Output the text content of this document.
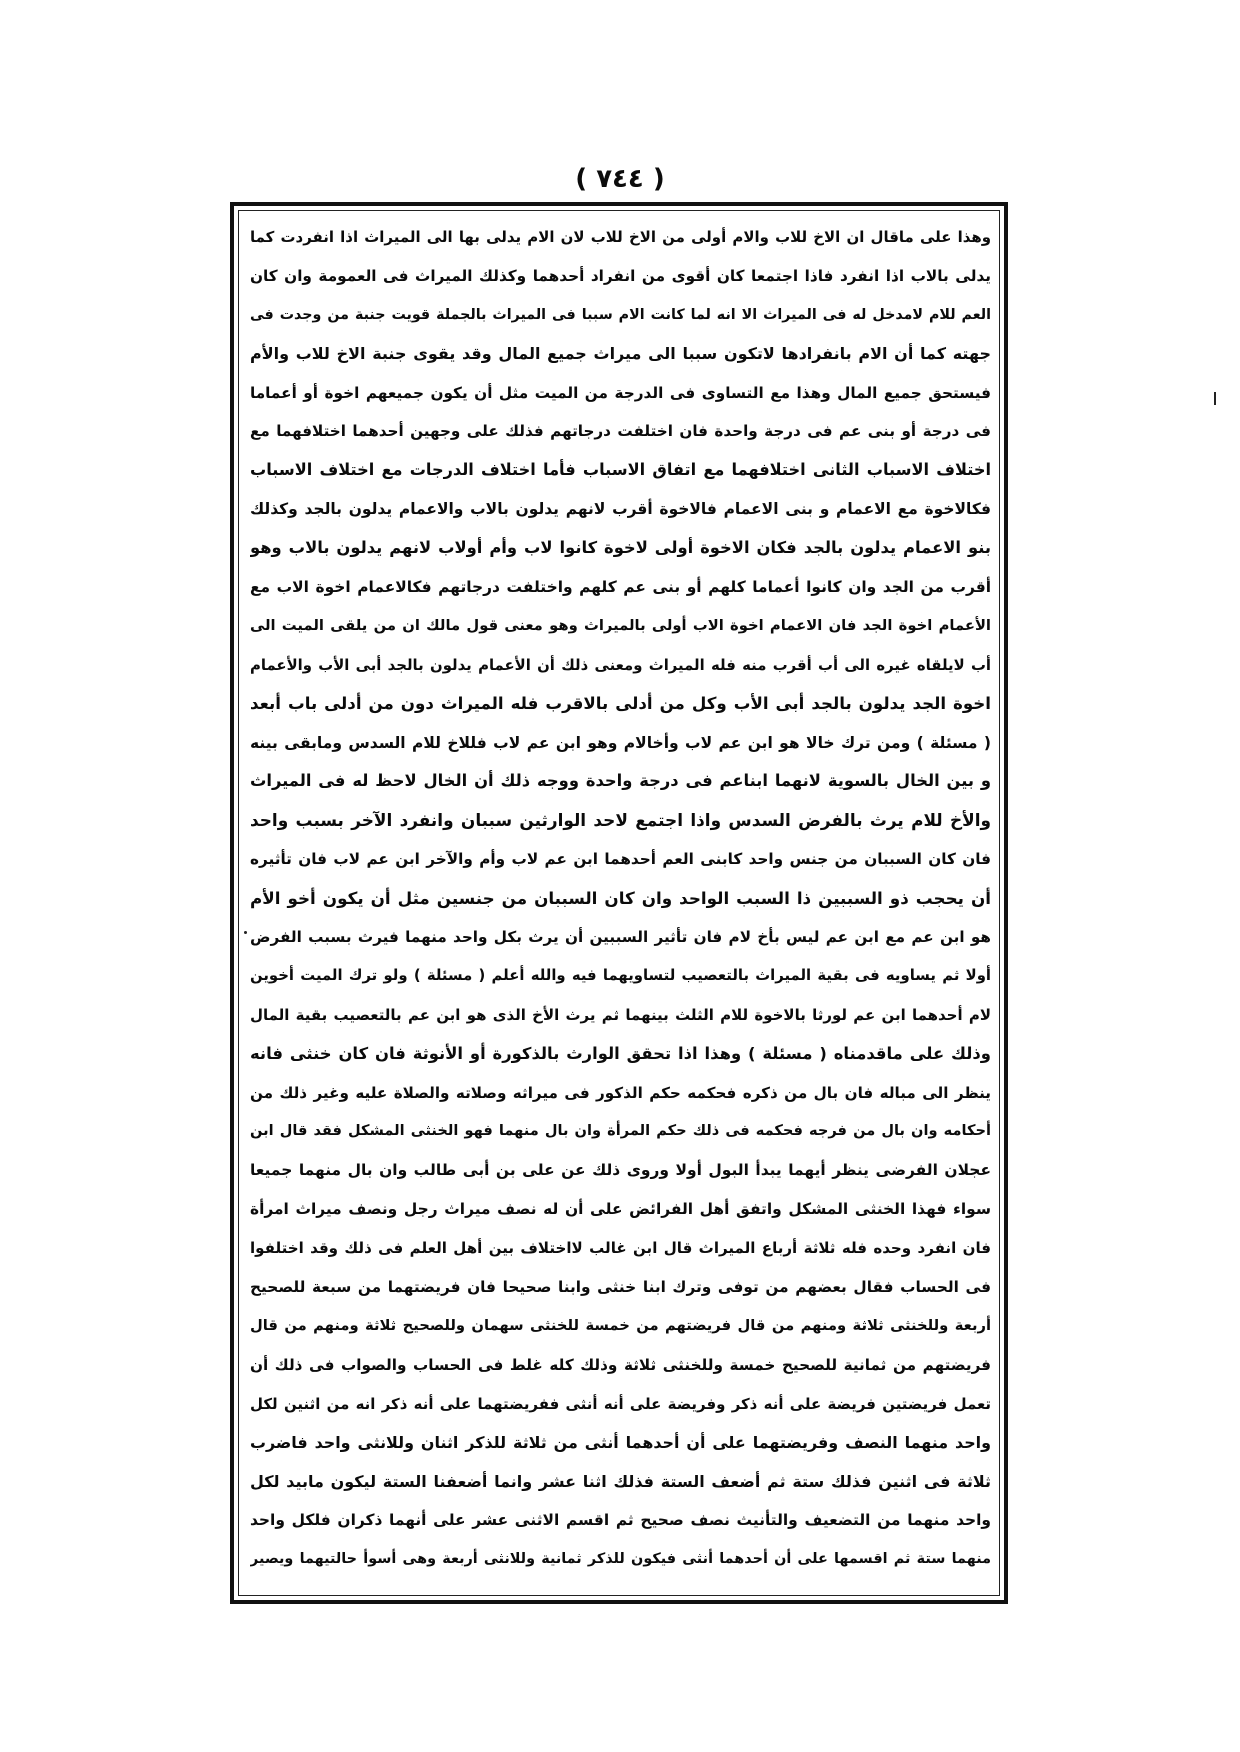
( ٧٤٤ )
وهذا على ماقال ان الاخ للاب والام أولى من الاخ للاب لان الام يدلى بها الى الميراث اذا انفردت كما
يدلى بالاب اذا انفرد فاذا اجتمعا كان أقوى من انفراد أحدهما وكذلك الميراث فى العمومة وان كان
العم للام لامدخل له فى الميراث الا انه لما كانت الام سببا فى الميراث بالجملة قويت جنبة من وجدت فى
جهته كما أن الام بانفرادها لاتكون سببا الى ميراث جميع المال وقد يقوى جنبة الاخ للاب والأم
فيستحق جميع المال وهذا مع التساوى فى الدرجة من الميت مثل أن يكون جميعهم اخوة أو أعماما
فى درجة أو بنى عم فى درجة واحدة فان اختلفت درجاتهم فذلك على وجهين أحدهما اختلافهما مع
اختلاف الاسباب الثانى اختلافهما مع اتفاق الاسباب فأما اختلاف الدرجات مع اختلاف الاسباب
فكالاخوة مع الاعمام و بنى الاعمام فالاخوة أقرب لانهم يدلون بالاب والاعمام يدلون بالجد وكذلك
بنو الاعمام يدلون بالجد فكان الاخوة أولى لاخوة كانوا لاب وأم أولاب لانهم يدلون بالاب وهو
أقرب من الجد وان كانوا أعماما كلهم أو بنى عم كلهم واختلفت درجاتهم فكالاعمام اخوة الاب مع
الأعمام اخوة الجد فان الاعمام اخوة الاب أولى بالميراث وهو معنى قول مالك ان من يلقى الميت الى
أب لايلقاه غيره الى أب أقرب منه فله الميراث ومعنى ذلك أن الأعمام يدلون بالجد أبى الأب والأعمام
اخوة الجد يدلون بالجد أبى الأب وكل من أدلى بالاقرب فله الميراث دون من أدلى باب أبعد
( مسئلة ) ومن ترك خالا هو ابن عم لاب وأخالام وهو ابن عم لاب فللاخ للام السدس ومابقى بينه
و بين الخال بالسوية لانهما ابناعم فى درجة واحدة ووجه ذلك أن الخال لاحظ له فى الميراث
والأخ للام يرث بالفرض السدس واذا اجتمع لاحد الوارثين سببان وانفرد الآخر بسبب واحد
فان كان السببان من جنس واحد كابنى العم أحدهما ابن عم لاب وأم والآخر ابن عم لاب فان تأثيره
أن يحجب ذو السببين ذا السبب الواحد وان كان السببان من جنسين مثل أن يكون أخو الأم
هو ابن عم مع ابن عم ليس بأخ لام فان تأثير السببين أن يرث بكل واحد منهما فيرث بسبب الفرض
أولا ثم يساويه فى بقية الميراث بالتعصيب لتساويهما فيه والله أعلم ( مسئلة ) ولو ترك الميت أخوين
لام أحدهما ابن عم لورثا بالاخوة للام الثلث بينهما ثم يرث الأخ الذى هو ابن عم بالتعصيب بقية المال
وذلك على ماقدمناه ( مسئلة ) وهذا اذا تحقق الوارث بالذكورة أو الأنوثة فان كان خنثى فانه
ينظر الى مباله فان بال من ذكره فحكمه حكم الذكور فى ميراثه وصلاته والصلاة عليه وغير ذلك من
أحكامه وان بال من فرجه فحكمه فى ذلك حكم المرأة وان بال منهما فهو الخنثى المشكل فقد قال ابن
عجلان الفرضى ينظر أيهما يبدأ البول أولا وروى ذلك عن على بن أبى طالب وان بال منهما جميعا
سواء فهذا الخنثى المشكل واتفق أهل الفرائض على أن له نصف ميراث رجل ونصف ميراث امرأة
فان انفرد وحده فله ثلاثة أرباع الميراث قال ابن غالب لااختلاف بين أهل العلم فى ذلك وقد اختلفوا
فى الحساب فقال بعضهم من توفى وترك ابنا خنثى وابنا صحيحا فان فريضتهما من سبعة للصحيح
أربعة وللخنثى ثلاثة ومنهم من قال فريضتهم من خمسة للخنثى سهمان وللصحيح ثلاثة ومنهم من قال
فريضتهم من ثمانية للصحيح خمسة وللخنثى ثلاثة وذلك كله غلط فى الحساب والصواب فى ذلك أن
تعمل فريضتين فريضة على أنه ذكر وفريضة على أنه أنثى ففريضتهما على أنه ذكر انه من اثنين لكل
واحد منهما النصف وفريضتهما على أن أحدهما أنثى من ثلاثة للذكر اثنان وللانثى واحد فاضرب
ثلاثة فى اثنين فذلك ستة ثم أضعف الستة فذلك اثنا عشر وانما أضعفنا الستة ليكون مابيد لكل
واحد منهما من التضعيف والتأنيث نصف صحيح ثم اقسم الاثنى عشر على أنهما ذكران فلكل واحد
منهما ستة ثم اقسمها على أن أحدهما أنثى فيكون للذكر ثمانية وللانثى أربعة وهى أسوأ حالتيهما ويصير
